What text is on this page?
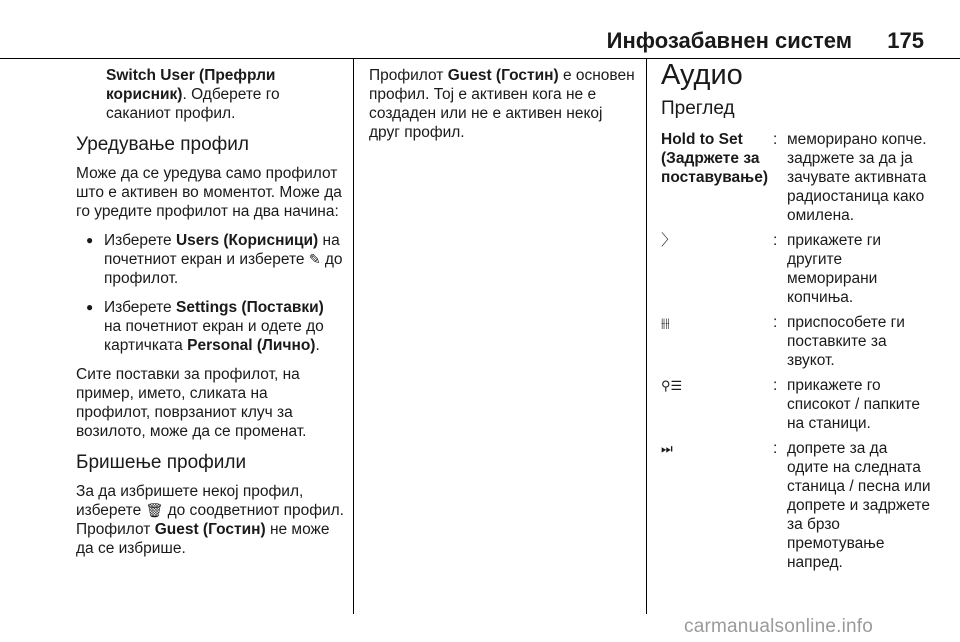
Инфозабавнен систем 175

Switch User (Префрли корисник). Одберете го саканиот профил.

Уредување профил

Може да се уредува само профилот што е активен во моментот. Може да го уредите профилот на два начина:

● Изберете Users (Корисници) на почетниот екран и изберете ✎ до профилот.
● Изберете Settings (Поставки) на почетниот екран и одете до картичката Personal (Лично).

Сите поставки за профилот, на пример, името, сликата на профилот, поврзаниот клуч за возилото, може да се променат.

Бришење профили

За да избришете некој профил, изберете 🗑 до соодветниот профил. Профилот Guest (Гостин) не може да се избрише.

Профилот Guest (Гостин) е основен профил. Тој е активен кога не е создаден или не е активен некој друг профил.

Аудио
Преглед
Hold to Set (Задржете за поставување)
: меморирано копче. задржете за да ја зачувате активната радиостаница како омилена.
〉	: прикажете ги другите меморирани копчиња.
⫲⫲	: приспособете ги поставките за звукот.
⚲☰	: прикажете го списокот / папките на станици.
⏭	: допрете за да одите на следната станица / песна или допрете и задржете за брзо премотување напред.
carmanualsonline.info
